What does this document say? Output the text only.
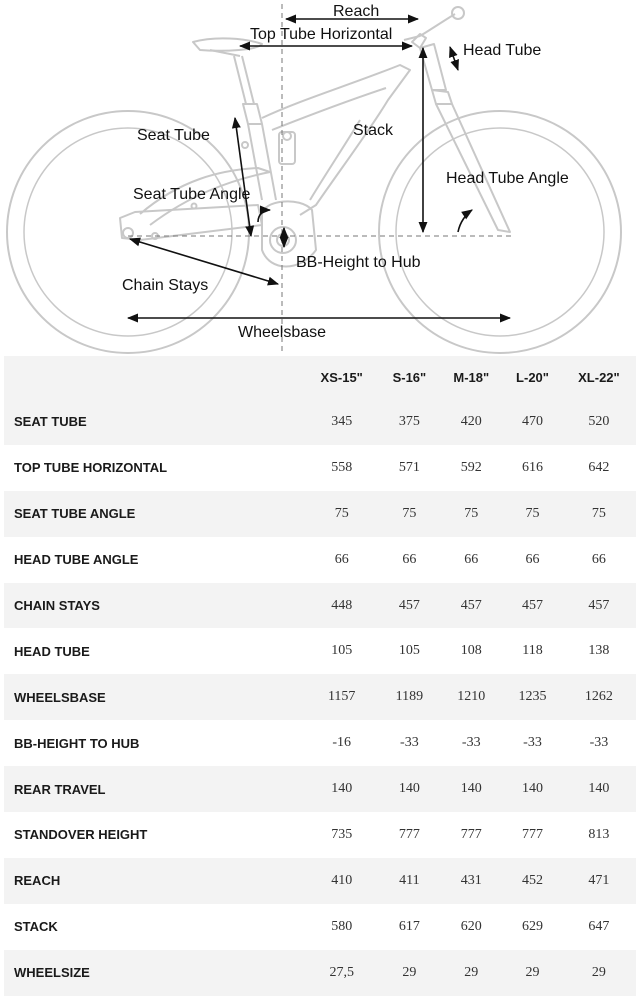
Reach
Top Tube Horizontal
Head Tube
Seat Tube	Stack
Seat Tube Angle
Head Tube Angle
BB-Height to Hub
Chain Stays
Wheelsbase
	XS-15"	S-16"	M-18"	L-20"	XL-22"
SEAT TUBE	345	375	420	470	520
TOP TUBE HORIZONTAL	558	571	592	616	642
SEAT TUBE ANGLE	75	75	75	75	75
HEAD TUBE ANGLE	66	66	66	66	66
CHAIN STAYS	448	457	457	457	457
HEAD TUBE	105	105	108	118	138
WHEELSBASE	1157	1189	1210	1235	1262
BB-HEIGHT TO HUB	-16	-33	-33	-33	-33
REAR TRAVEL	140	140	140	140	140
STANDOVER HEIGHT	735	777	777	777	813
REACH	410	411	431	452	471
STACK	580	617	620	629	647
WHEELSIZE	27,5	29	29	29	29
